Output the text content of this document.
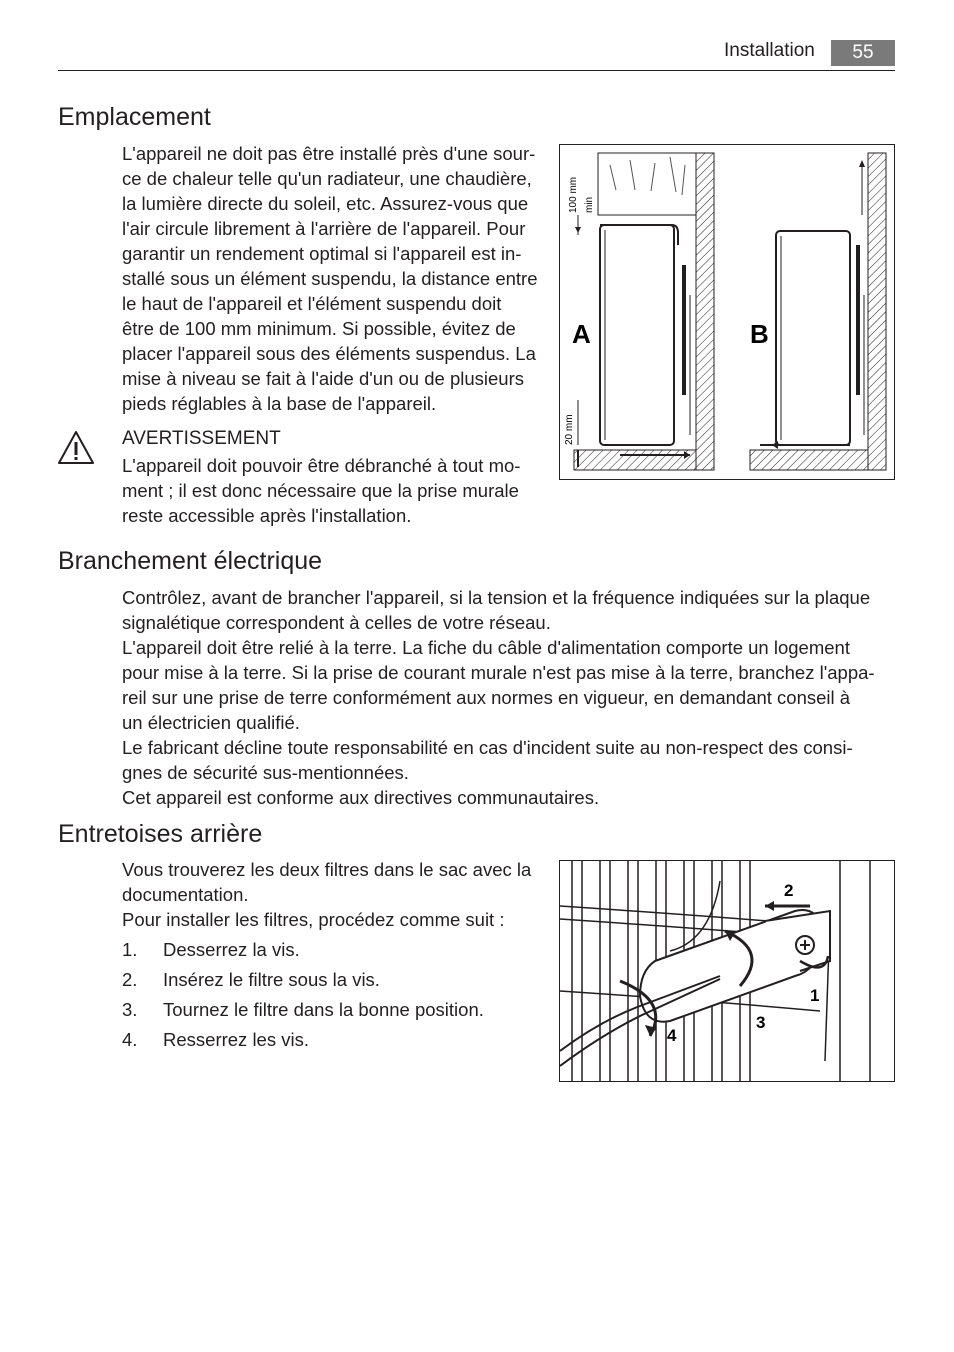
Installation	55
Emplacement

L'appareil ne doit pas être installé près d'une sour-

ce de chaleur telle qu'un radiateur, une chaudière,

la lumière directe du soleil, etc. Assurez-vous que

l'air circule librement à l'arrière de l'appareil. Pour

garantir un rendement optimal si l'appareil est in-

stallé sous un élément suspendu, la distance entre

le haut de l'appareil et l'élément suspendu doit

être de 100 mm minimum. Si possible, évitez de

placer l'appareil sous des éléments suspendus. La

mise à niveau se fait à l'aide d'un ou de plusieurs

pieds réglables à la base de l'appareil.

AVERTISSEMENT

L'appareil doit pouvoir être débranché à tout mo-

ment ; il est donc nécessaire que la prise murale

reste accessible après l'installation.

100 mm min
20 mm
A	B
Branchement électrique

Contrôlez, avant de brancher l'appareil, si la tension et la fréquence indiquées sur la plaque

signalétique correspondent à celles de votre réseau.

L'appareil doit être relié à la terre. La fiche du câble d'alimentation comporte un logement

pour mise à la terre. Si la prise de courant murale n'est pas mise à la terre, branchez l'appa-

reil sur une prise de terre conformément aux normes en vigueur, en demandant conseil à

un électricien qualifié.

Le fabricant décline toute responsabilité en cas d'incident suite au non-respect des consi-

gnes de sécurité sus-mentionnées.

Cet appareil est conforme aux directives communautaires.

Entretoises arrière

Vous trouverez les deux filtres dans le sac avec la

documentation.

Pour installer les filtres, procédez comme suit :

1. Desserrez la vis.
2. Insérez le filtre sous la vis.
3. Tournez le filtre dans la bonne position.
4. Resserrez les vis.
2
1
3
4
